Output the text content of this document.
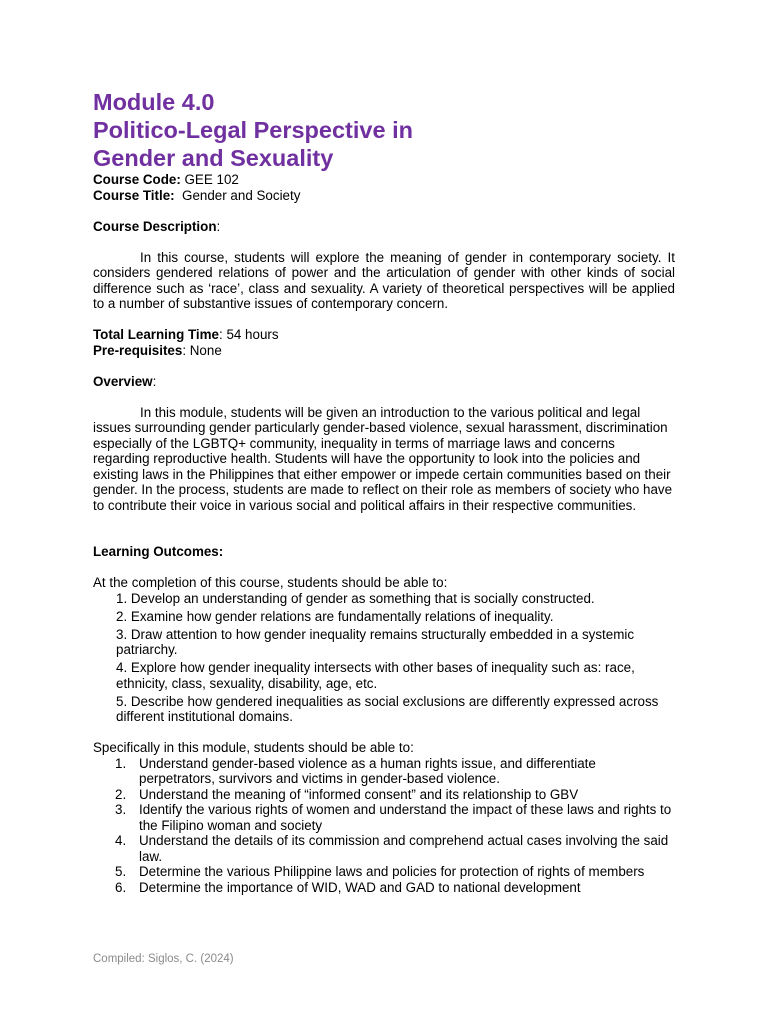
Module 4.0
Politico-Legal Perspective in
Gender and Sexuality

Course Code: GEE 102

Course Title:  Gender and Society

Course Description:

In this course, students will explore the meaning of gender in contemporary society. It considers gendered relations of power and the articulation of gender with other kinds of social difference such as ‘race’, class and sexuality. A variety of theoretical perspectives will be applied to a number of substantive issues of contemporary concern.

Total Learning Time: 54 hours

Pre-requisites: None

Overview:

In this module, students will be given an introduction to the various political and legal issues surrounding gender particularly gender-based violence, sexual harassment, discrimination especially of the LGBTQ+ community, inequality in terms of marriage laws and concerns regarding reproductive health. Students will have the opportunity to look into the policies and existing laws in the Philippines that either empower or impede certain communities based on their gender. In the process, students are made to reflect on their role as members of society who have to contribute their voice in various social and political affairs in their respective communities.

Learning Outcomes:

At the completion of this course, students should be able to:

1. Develop an understanding of gender as something that is socially constructed.
2. Examine how gender relations are fundamentally relations of inequality.
3. Draw attention to how gender inequality remains structurally embedded in a systemic patriarchy.
4. Explore how gender inequality intersects with other bases of inequality such as: race, ethnicity, class, sexuality, disability, age, etc.
5. Describe how gendered inequalities as social exclusions are differently expressed across different institutional domains.

Specifically in this module, students should be able to:

1. Understand gender-based violence as a human rights issue, and differentiate perpetrators, survivors and victims in gender-based violence.
2. Understand the meaning of “informed consent” and its relationship to GBV
3. Identify the various rights of women and understand the impact of these laws and rights to the Filipino woman and society
4. Understand the details of its commission and comprehend actual cases involving the said law.
5. Determine the various Philippine laws and policies for protection of rights of members
6. Determine the importance of WID, WAD and GAD to national development
Compiled: Siglos, C. (2024)
